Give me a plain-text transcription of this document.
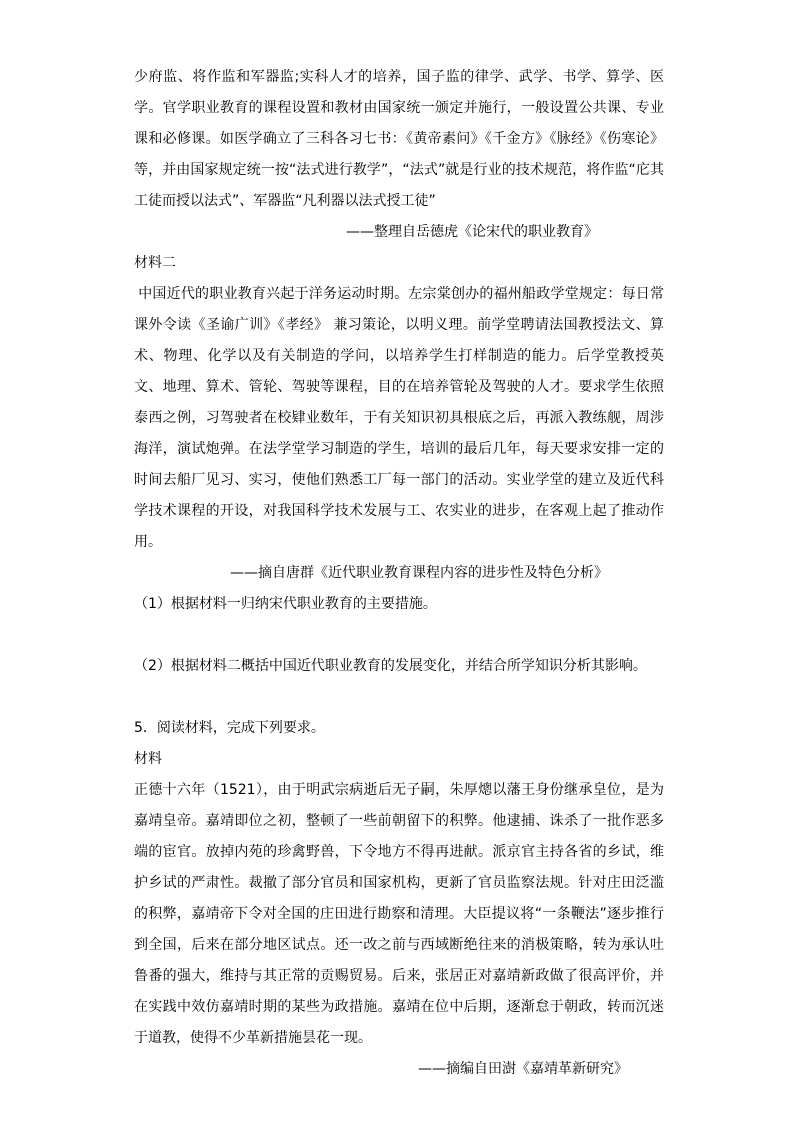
少府监、将作监和军器监;实科人才的培养，国子监的律学、武学、书学、算学、医学。官学职业教育的课程设置和教材由国家统一颁定并施行，一般设置公共课、专业课和必修课。如医学确立了三科各习七书：《黄帝素问》《千金方》《脉经》《伤寒论》等，并由国家规定统一按“法式进行教学”，“法式”就是行业的技术规范，将作监“庀其工徒而授以法式”、军器监“凡利器以法式授工徒”

——整理自岳德虎《论宋代的职业教育》

材料二

中国近代的职业教育兴起于洋务运动时期。左宗棠创办的福州船政学堂规定：每日常课外令读《圣谕广训》《孝经》 兼习策论，以明义理。前学堂聘请法国教授法文、算术、物理、化学以及有关制造的学问，以培养学生打样制造的能力。后学堂教授英文、地理、算术、管轮、驾驶等课程，目的在培养管轮及驾驶的人才。要求学生依照泰西之例，习驾驶者在校肄业数年，于有关知识初具根底之后，再派入教练舰，周涉海洋，演试炮弹。在法学堂学习制造的学生，培训的最后几年，每天要求安排一定的时间去船厂见习、实习，使他们熟悉工厂每一部门的活动。实业学堂的建立及近代科学技术课程的开设，对我国科学技术发展与工、农实业的进步，在客观上起了推动作用。

——摘自唐群《近代职业教育课程内容的进步性及特色分析》

（1）根据材料一归纳宋代职业教育的主要措施。

（2）根据材料二概括中国近代职业教育的发展变化，并结合所学知识分析其影响。

5．阅读材料，完成下列要求。

材料

正德十六年（1521），由于明武宗病逝后无子嗣，朱厚熜以藩王身份继承皇位，是为嘉靖皇帝。嘉靖即位之初，整顿了一些前朝留下的积弊。他逮捕、诛杀了一批作恶多端的宦官。放掉内苑的珍禽野兽，下令地方不得再进献。派京官主持各省的乡试，维护乡试的严肃性。裁撤了部分官员和国家机构，更新了官员监察法规。针对庄田泛滥的积弊，嘉靖帝下令对全国的庄田进行勘察和清理。大臣提议将“一条鞭法”逐步推行到全国，后来在部分地区试点。还一改之前与西域断绝往来的消极策略，转为承认吐鲁番的强大，维持与其正常的贡赐贸易。后来，张居正对嘉靖新政做了很高评价，并在实践中效仿嘉靖时期的某些为政措施。嘉靖在位中后期，逐渐怠于朝政，转而沉迷于道教，使得不少革新措施昙花一现。

——摘编自田澍《嘉靖革新研究》
